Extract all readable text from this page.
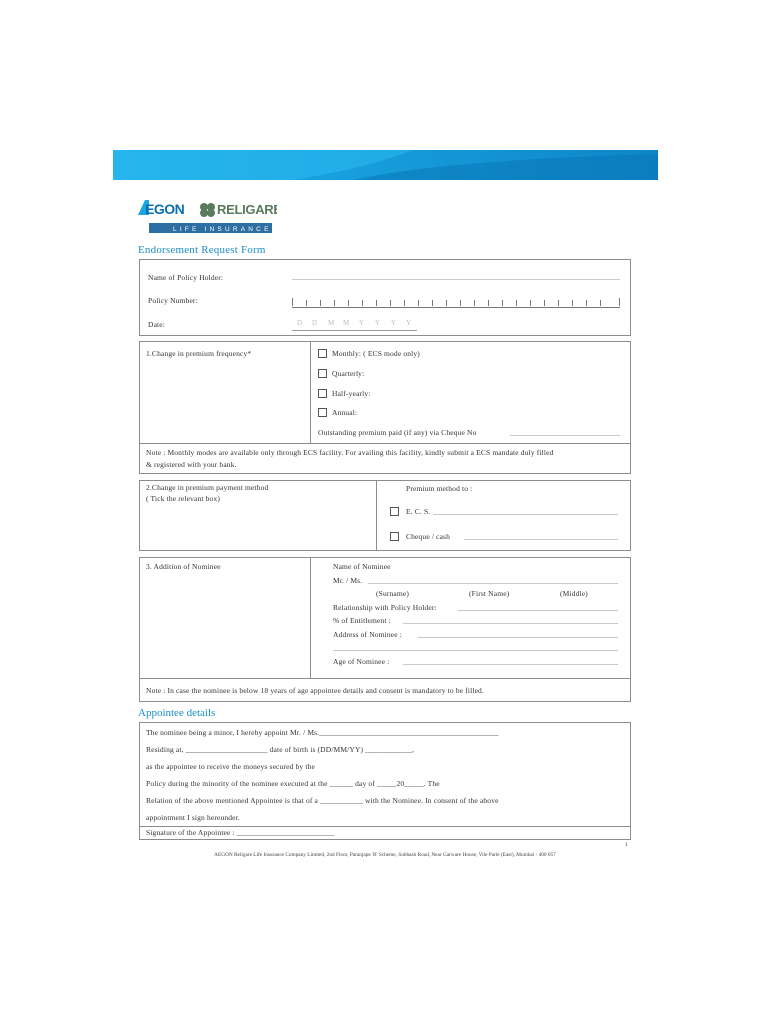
EGON	RELIGARE
LIFE INSURANCE
Endorsement Request Form
Name of Policy Holder:
Policy Number:
Date:	D D M M Y Y Y Y
1.Change in premium frequency*	Monthly: ( ECS mode only)
Quarterly:
Half-yearly:
Annual:
Outstanding premium paid (if any) via Cheque No
Note : Monthly modes are available only through ECS facility. For availing this facility, kindly submit a ECS mandate duly filled
& registered with your bank.
2.Change in premium payment method
( Tick the relevant box)
Premium method to :
E. C. S.
Cheque / cash
3. Addition of Nominee	Name of Nominee
Mr. / Ms.
(Surname)	(First Name)	(Middle)
Relationship with Policy Holder:
% of Entitlement :
Address of Nominee :
Age of Nominee :
Note : In case the nominee is below 18 years of age appointee details and consent is mandatory to be filled.
Appointee details
The nominee being a minor, I hereby appoint Mr. / Ms.______________________________________________
Residing at, _____________________ date of birth is (DD/MM/YY) ____________,
as the appointee to receive the moneys secured by the
Policy during the minority of the nominee executed at the ______ day of _____20_____. The
Relation of the above mentioned Appointee is that of a ___________ with the Nominee. In consent of the above
appointment I sign hereunder.
Signature of the Appointee : _________________________
1
AEGON Religare Life Insurance Company Limited, 2nd Floor, Paranjape 'B' Scheme, Subhash Road, Near Garware House, Vile Parle (East), Mumbai - 400 057
